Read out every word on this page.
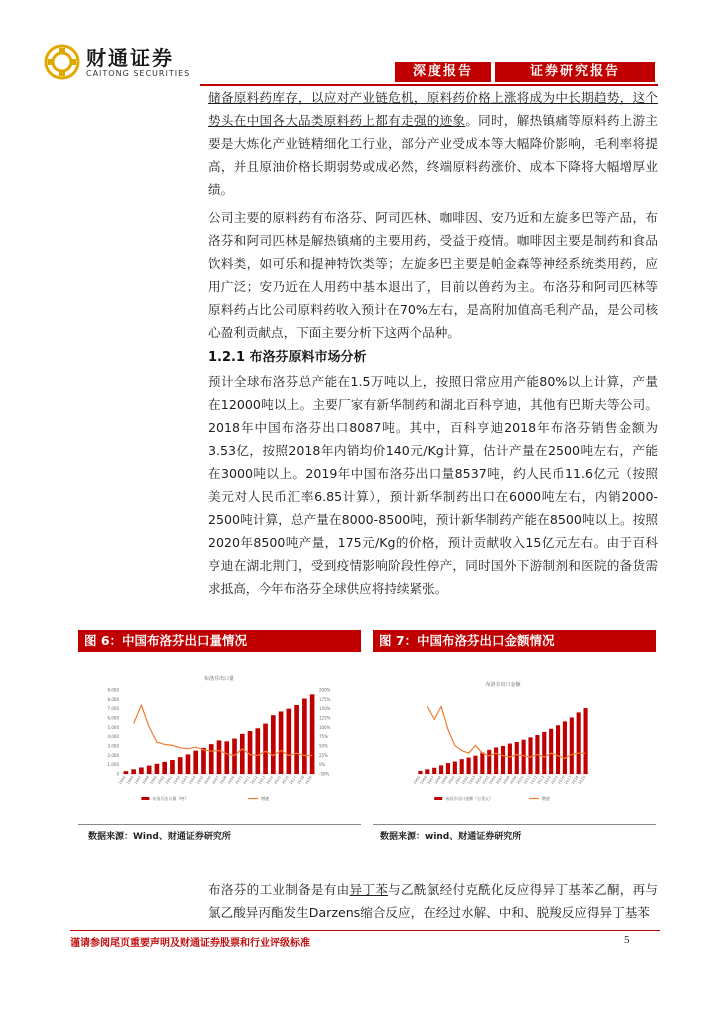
财通证券
CAITONG SECURITIES	深度报告	证券研究报告

储备原料药库存，以应对产业链危机，原料药价格上涨将成为中长期趋势，这个势头在中国各大品类原料药上都有走强的迹象。同时，解热镇痛等原料药上游主要是大炼化产业链精细化工行业，部分产业受成本等大幅降价影响，毛利率将提高，并且原油价格长期弱势或成必然，终端原料药涨价、成本下降将大幅增厚业绩。

公司主要的原料药有布洛芬、阿司匹林、咖啡因、安乃近和左旋多巴等产品，布洛芬和阿司匹林是解热镇痛的主要用药，受益于疫情。咖啡因主要是制药和食品饮料类，如可乐和提神特饮类等；左旋多巴主要是帕金森等神经系统类用药，应用广泛；安乃近在人用药中基本退出了，目前以兽药为主。布洛芬和阿司匹林等原料药占比公司原料药收入预计在70%左右，是高附加值高毛利产品，是公司核心盈利贡献点，下面主要分析下这两个品种。

1.2.1 布洛芬原料市场分析

预计全球布洛芬总产能在1.5万吨以上，按照日常应用产能80%以上计算，产量在12000吨以上。主要厂家有新华制药和湖北百科亨迪，其他有巴斯夫等公司。2018年中国布洛芬出口8087吨。其中，百科亨迪2018年布洛芬销售金额为3.53亿，按照2018年内销均价140元/Kg计算，估计产量在2500吨左右，产能在3000吨以上。2019年中国布洛芬出口量8537吨，约人民币11.6亿元（按照美元对人民币汇率6.85计算），预计新华制药出口在6000吨左右，内销2000-2500吨计算，总产量在8000-8500吨，预计新华制药产能在8500吨以上。按照2020年8500吨产量，175元/Kg的价格，预计贡献收入15亿元左右。由于百科亨迪在湖北荆门，受到疫情影响阶段性停产，同时国外下游制剂和医院的备货需求抵高，今年布洛芬全球供应将持续紧张。

图 6：中国布洛芬出口量情况	图 7：中国布洛芬出口金额情况
布洛芬出口量
0
1,000
2,000
3,000
4,000
5,000
6,000
7,000
8,000
9,000
-50%
0%
25%
50%
75%
100%
125%
150%
175%
200%
1995 1996 1997 1998 1999 2000 2001 2002 2003 2004 2005 2006 2007 2008 2009 2010 2011 2012 2013 2014 2015 2016 2017 2018 2019
布洛芬出口量（吨）	增速
布洛芬出口金额
1995
1996
1997
1998
1999
2000
2001
2002
2003
2004
2005
2006
2007
2008
2009
2010
2011
2012
2013
2014
2015
2016
2017
2018
2019
布洛芬出口金额（万美元）	增速
数据来源：Wind、财通证券研究所	数据来源：wind、财通证券研究所

布洛芬的工业制备是有由异丁苯与乙酰氯经付克酰化反应得异丁基苯乙酮，再与氯乙酸异丙酯发生Darzens缩合反应，在经过水解、中和、脱羧反应得异丁基苯

谨请参阅尾页重要声明及财通证券股票和行业评级标准	5
